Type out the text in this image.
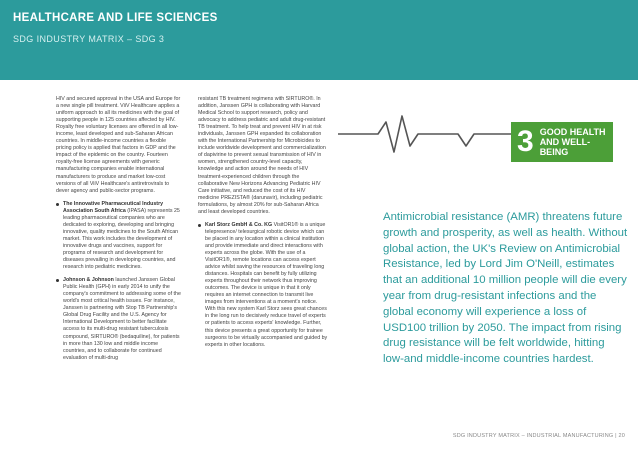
HEALTHCARE AND LIFE SCIENCES
SDG INDUSTRY MATRIX – SDG 3

HIV and secured approval in the USA and Europe for a new single pill treatment. ViiV Healthcare applies a uniform approach to all its medicines with the goal of supporting people in 125 countries affected by HIV. Royalty free voluntary licenses are offered in all low-income, least developed and sub-Saharan African countries. In middle-income countries a flexible pricing policy is applied that factors in GDP and the impact of the epidemic on the country. Fourteen royalty-free license agreements with generic manufacturing companies enable international manufacturers to produce and market low-cost versions of all ViiV Healthcare's antiretrovirals to dever agency and public-sector programs.

The Innovative Pharmaceutical Industry Association South Africa (IPASA) represents 25 leading pharmaceutical companies who are dedicated to exploring, developing and bringing innovative, quality medicines to the South African market. This work includes the development of innovative drugs and vaccines, support for programs of research and development for diseases prevailing in developing countries, and research into pediatric medicines.
Johnson & Johnson launched Janssen Global Public Health (GPH) in early 2014 to unify the company's commitment to addressing some of the world's most critical health issues. For instance, Janssen is partnering with Stop TB Partnership's Global Drug Facility and the U.S. Agency for International Development to better facilitate access to its multi-drug resistant tuberculosis compound, SIRTURO® (bedaquiline), for patients in more than 130 low and middle income countries, and to collaborate for continued evaluation of multi-drug

resistant TB treatment regimens with SIRTURO®. In addition, Janssen GPH is collaborating with Harvard Medical School to support research, policy and advocacy to address pediatric and adult drug-resistant TB treatment. To help treat and prevent HIV in at risk individuals, Janssen GPH expanded its collaboration with the International Partnership for Microbicides to include worldwide development and commercialization of dapivirine to prevent sexual transmission of HIV in women, strengthened country-level capacity, knowledge and action around the needs of HIV treatment-experienced children through the collaborative New Horizons Advancing Pediatric HIV Care initiative, and reduced the cost of its HIV medicine PREZISTA® (darunavir), including pediatric formulations, by almost 20% for sub-Saharan Africa and least developed countries.

Karl Storz GmbH & Co. KG VisitOR1® is a unique telepresence/ telesurgical robotic device which can be placed in any location within a clinical institution and provide immediate and direct interactions with experts across the globe. With the use of a VisitOR1®, remote locations can access expert advice whilst saving the resources of traveling long distances. Hospitals can benefit by fully utilizing experts throughout their network thus improving outcomes. The device is unique in that it only requires an internet connection to transmit live images from interventions at a moment's notice. With this new system Karl Storz sees great chances in the long run to decisively reduce travel of experts or patients to access experts' knowledge. Further, this device presents a great opportunity for trainee surgeons to be virtually accompanied and guided by experts in other locations.
3 GOOD HEALTH
AND WELL-BEING
Antimicrobial resistance (AMR) threatens future growth and prosperity, as well as health. Without global action, the UK's Review on Antimicrobial Resistance, led by Lord Jim O'Neill, estimates that an additional 10 million people will die every year from drug-resistant infections and the global economy will experience a loss of USD100 trillion by 2050. The impact from rising drug resistance will be felt worldwide, hitting low-and middle-income countries hardest.
SDG INDUSTRY MATRIX – INDUSTRIAL MANUFACTURING | 20
